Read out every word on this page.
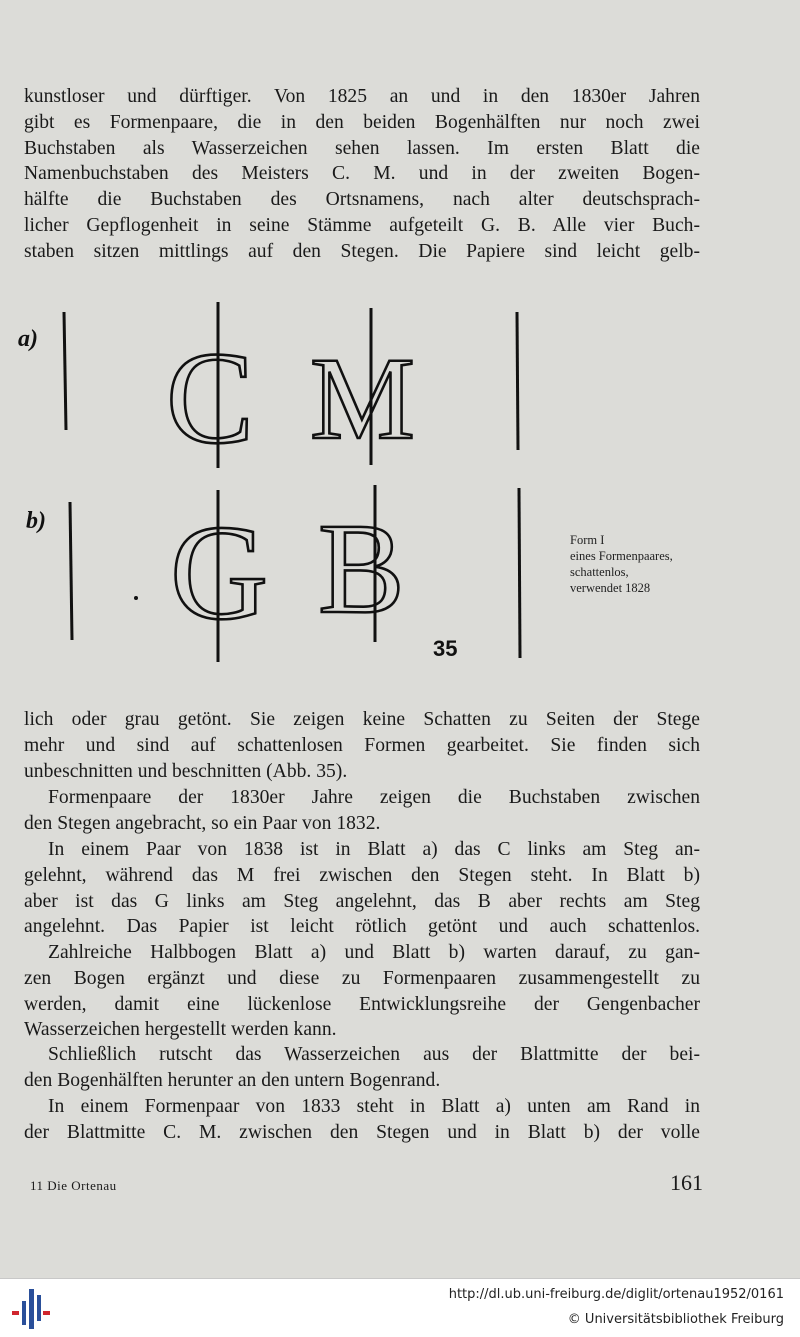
kunstloser und dürftiger. Von 1825 an und in den 1830er Jahren
gibt es Formenpaare, die in den beiden Bogenhälften nur noch zwei
Buchstaben als Wasserzeichen sehen lassen. Im ersten Blatt die
Namenbuchstaben des Meisters C. M. und in der zweiten Bogen-
hälfte die Buchstaben des Ortsnamens, nach alter deutschsprach-
licher Gepflogenheit in seine Stämme aufgeteilt G. B. Alle vier Buch-
staben sitzen mittlings auf den Stegen. Die Papiere sind leicht gelb-
C M
G B
a)
b)
Form I
eines Formenpaares,
schattenlos,
verwendet 1828
35
lich oder grau getönt. Sie zeigen keine Schatten zu Seiten der Stege
mehr und sind auf schattenlosen Formen gearbeitet. Sie finden sich
unbeschnitten und beschnitten (Abb. 35).
Formenpaare der 1830er Jahre zeigen die Buchstaben zwischen
den Stegen angebracht, so ein Paar von 1832.
In einem Paar von 1838 ist in Blatt a) das C links am Steg an-
gelehnt, während das M frei zwischen den Stegen steht. In Blatt b)
aber ist das G links am Steg angelehnt, das B aber rechts am Steg
angelehnt. Das Papier ist leicht rötlich getönt und auch schattenlos.
Zahlreiche Halbbogen Blatt a) und Blatt b) warten darauf, zu gan-
zen Bogen ergänzt und diese zu Formenpaaren zusammengestellt zu
werden, damit eine lückenlose Entwicklungsreihe der Gengenbacher
Wasserzeichen hergestellt werden kann.
Schließlich rutscht das Wasserzeichen aus der Blattmitte der bei-
den Bogenhälften herunter an den untern Bogenrand.
In einem Formenpaar von 1833 steht in Blatt a) unten am Rand in
der Blattmitte C. M. zwischen den Stegen und in Blatt b) der volle
11 Die Ortenau	161
http://dl.ub.uni-freiburg.de/diglit/ortenau1952/0161
© Universitätsbibliothek Freiburg
